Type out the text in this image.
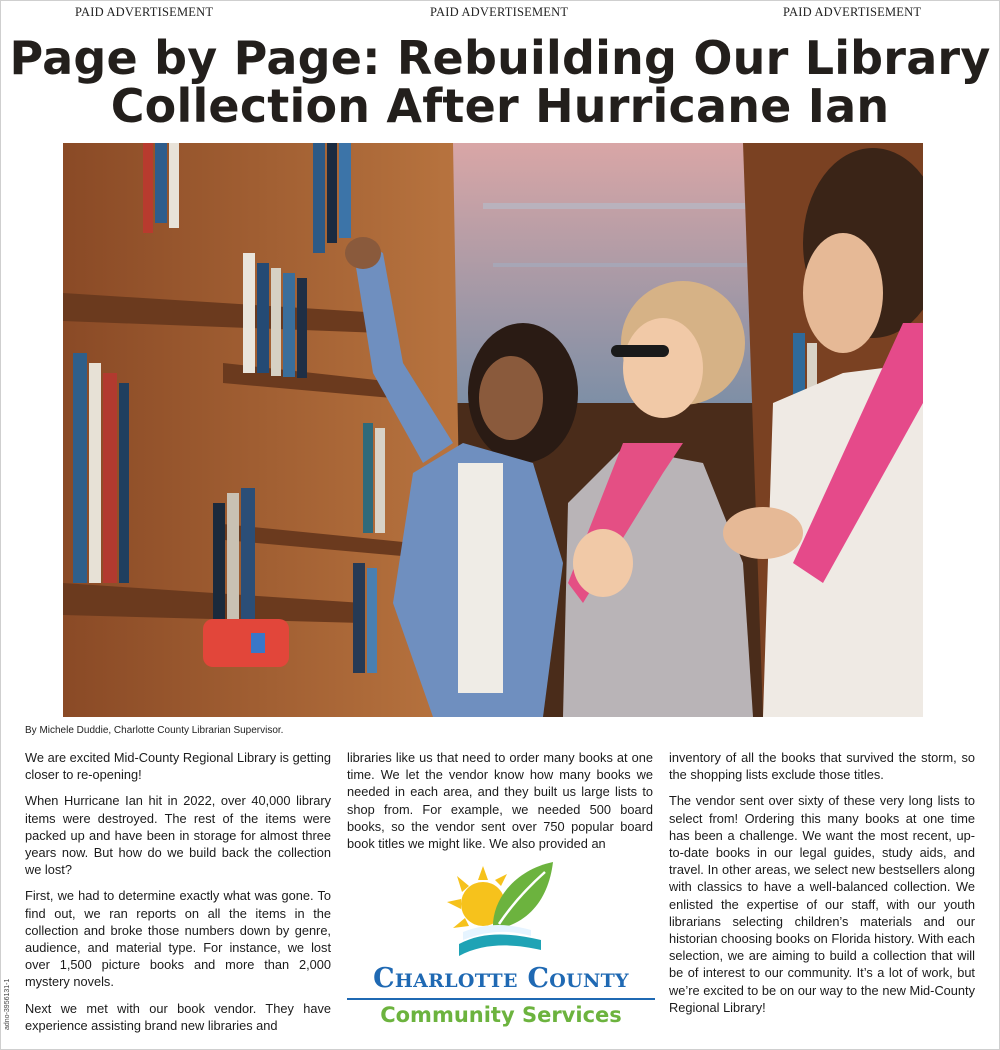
PAID ADVERTISEMENT	PAID ADVERTISEMENT	PAID ADVERTISEMENT
Page by Page: Rebuilding Our Library
Collection After Hurricane Ian
By Michele Duddie, Charlotte County Librarian Supervisor.

We are excited Mid-County Regional Library is getting closer to re-opening!

When Hurricane Ian hit in 2022, over 40,000 library items were destroyed. The rest of the items were packed up and have been in storage for almost three years now. But how do we build back the collection we lost?

First, we had to determine exactly what was gone. To find out, we ran reports on all the items in the collection and broke those numbers down by genre, audience, and material type. For instance, we lost over 1,500 picture books and more than 2,000 mystery novels.

Next we met with our book vendor. They have experience assisting brand new libraries and

libraries like us that need to order many books at one time. We let the vendor know how many books we needed in each area, and they built us large lists to shop from. For example, we needed 500 board books, so the vendor sent over 750 popular board book titles we might like. We also provided an

inventory of all the books that survived the storm, so the shopping lists exclude those titles.

The vendor sent over sixty of these very long lists to select from! Ordering this many books at one time has been a challenge. We want the most recent, up-to-date books in our legal guides, study aids, and travel. In other areas, we select new bestsellers along with classics to have a well-balanced collection. We enlisted the expertise of our staff, with our youth librarians selecting children’s materials and our historian choosing books on Florida history. With each selection, we are aiming to build a collection that will be of interest to our community. It’s a lot of work, but we’re excited to be on our way to the new Mid-County Regional Library!

Charlotte County
Community Services
adno-3956131-1
